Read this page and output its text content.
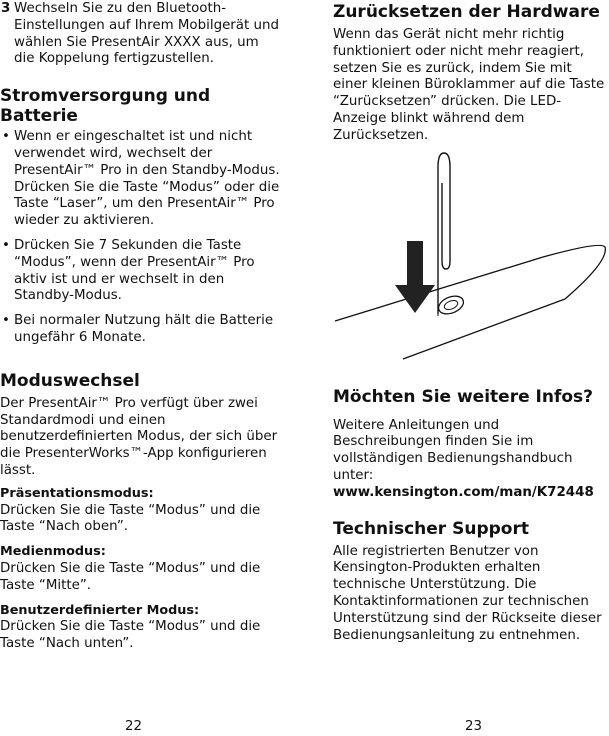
3 Wechseln Sie zu den Bluetooth-Einstellungen auf Ihrem Mobilgerät und wählen Sie PresentAir XXXX aus, um die Koppelung fertigzustellen.

Stromversorgung und Batterie

• Wenn er eingeschaltet ist und nicht verwendet wird, wechselt der PresentAir™ Pro in den Standby-Modus. Drücken Sie die Taste “Modus” oder die Taste “Laser”, um den PresentAir™ Pro wieder zu aktivieren.

• Drücken Sie 7 Sekunden die Taste “Modus”, wenn der PresentAir™ Pro aktiv ist und er wechselt in den Standby-Modus.

• Bei normaler Nutzung hält die Batterie ungefähr 6 Monate.

Moduswechsel

Der PresentAir™ Pro verfügt über zwei Standardmodi und einen benutzerdefinierten Modus, der sich über die PresenterWorks™-App konfigurieren lässt.

Präsentationsmodus:

Drücken Sie die Taste “Modus” und die Taste “Nach oben”.

Medienmodus:

Drücken Sie die Taste “Modus” und die Taste “Mitte”.

Benutzerdefinierter Modus:

Drücken Sie die Taste “Modus” und die Taste “Nach unten”.

22
Zurücksetzen der Hardware

Wenn das Gerät nicht mehr richtig funktioniert oder nicht mehr reagiert, setzen Sie es zurück, indem Sie mit einer kleinen Büroklammer auf die Taste “Zurücksetzen” drücken. Die LED-Anzeige blinkt während dem Zurücksetzen.

Möchten Sie weitere Infos?

Weitere Anleitungen und Beschreibungen finden Sie im vollständigen Bedienungshandbuch unter:

www.kensington.com/man/K72448

Technischer Support

Alle registrierten Benutzer von Kensington-Produkten erhalten technische Unterstützung. Die Kontaktinformationen zur technischen Unterstützung sind der Rückseite dieser Bedienungsanleitung zu entnehmen.

23
